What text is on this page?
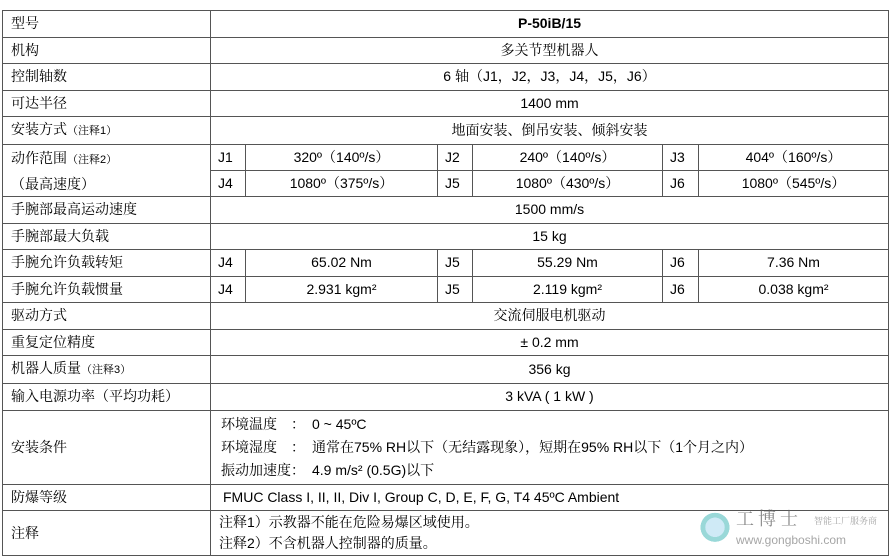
型号	P-50iB/15					
机构	多关节型机器人					
控制轴数	6 轴（J1，J2，J3，J4，J5，J6）					
可达半径	1400 mm					
安装方式（注释1）	地面安装、倒吊安装、倾斜安装					
动作范围（注释2）
（最高速度）	J1	320º（140º/s）	J2	240º（140º/s）	J3	404º（160º/s）
	J4	1080º（375º/s）	J5	1080º（430º/s）	J6	1080º（545º/s）
手腕部最高运动速度	1500 mm/s					
手腕部最大负载	15 kg					
手腕允许负载转矩	J4	65.02 Nm	J5	55.29 Nm	J6	7.36 Nm
手腕允许负载惯量	J4	2.931 kgm²	J5	2.119 kgm²	J6	0.038 kgm²
驱动方式	交流伺服电机驱动					
重复定位精度	± 0.2 mm					
机器人质量（注释3）	356 kg					
输入电源功率（平均功耗）	3 kVA ( 1 kW )					
安装条件	环境温度　：　0 ~ 45ºC
环境湿度　：　通常在75% RH以下（无结露现象），短期在95% RH以下（1个月之内）
振动加速度：　4.9 m/s² (0.5G)以下					

防爆等级	FMUC Class I, II, II, Div I, Group C, D, E, F, G, T4 45ºC Ambient					
注释	注释1）示教器不能在危险易爆区域使用。
注释2）不含机器人控制器的质量。					
工博士 智能工厂服务商
www.gongboshi.com
